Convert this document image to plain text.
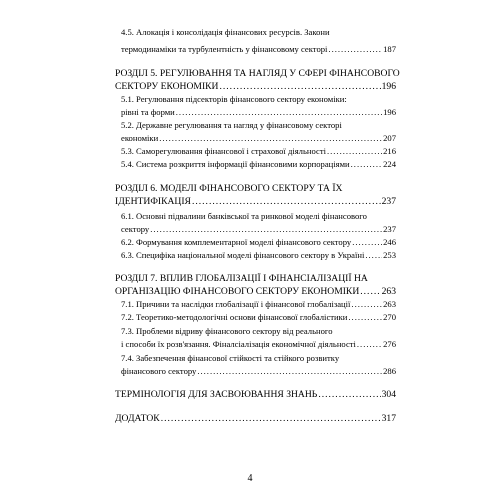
4.5. Алокація і консолідація фінансових ресурсів. Закони
термодинаміки та турбулентність у фінансовому секторі .....	187
РОЗДІЛ 5. РЕГУЛЮВАННЯ ТА НАГЛЯД У СФЕРІ ФІНАНСОВОГО
СЕКТОРУ ЕКОНОМІКИ .....	196
5.1. Регулювання підсекторів фінансового сектору економіки:
рівні та форми .....	196
5.2. Державне регулювання та нагляд у фінансовому секторі
економіки .....	207
5.3. Саморегулювання фінансової і страхової діяльності .....	216
5.4. Система розкриття інформації фінансовими корпораціями .....	224
РОЗДІЛ 6. МОДЕЛІ ФІНАНСОВОГО СЕКТОРУ ТА ЇХ
ІДЕНТИФІКАЦІЯ .....	237
6.1. Основні підвалини банківської та ринкової моделі фінансового
сектору .....	237
6.2. Формування комплементарної моделі фінансового сектору .....	246
6.3. Специфіка національної моделі фінансового сектору в Україні ..... 253
РОЗДІЛ 7. ВПЛИВ ГЛОБАЛІЗАЦІЇ І ФІНАНСІАЛІЗАЦІЇ НА
ОРГАНІЗАЦІЮ ФІНАНСОВОГО СЕКТОРУ ЕКОНОМІКИ ..... 263
7.1. Причини та наслідки глобалізації і фінансової глобалізації .....	263
7.2. Теоретико-методологічні основи фінансової глобалістики .....	270
7.3. Проблеми відриву фінансового сектору від реального
і способи їх розв'язання. Фіналсіалізація економічної діяльності .....	276
7.4. Забезпечення фінансової стійкості та стійкого розвитку
фінансового сектору .....	286
ТЕРМІНОЛОГІЯ ДЛЯ ЗАСВОЮВАННЯ ЗНАНЬ .....	304
ДОДАТОК .....	317
4
